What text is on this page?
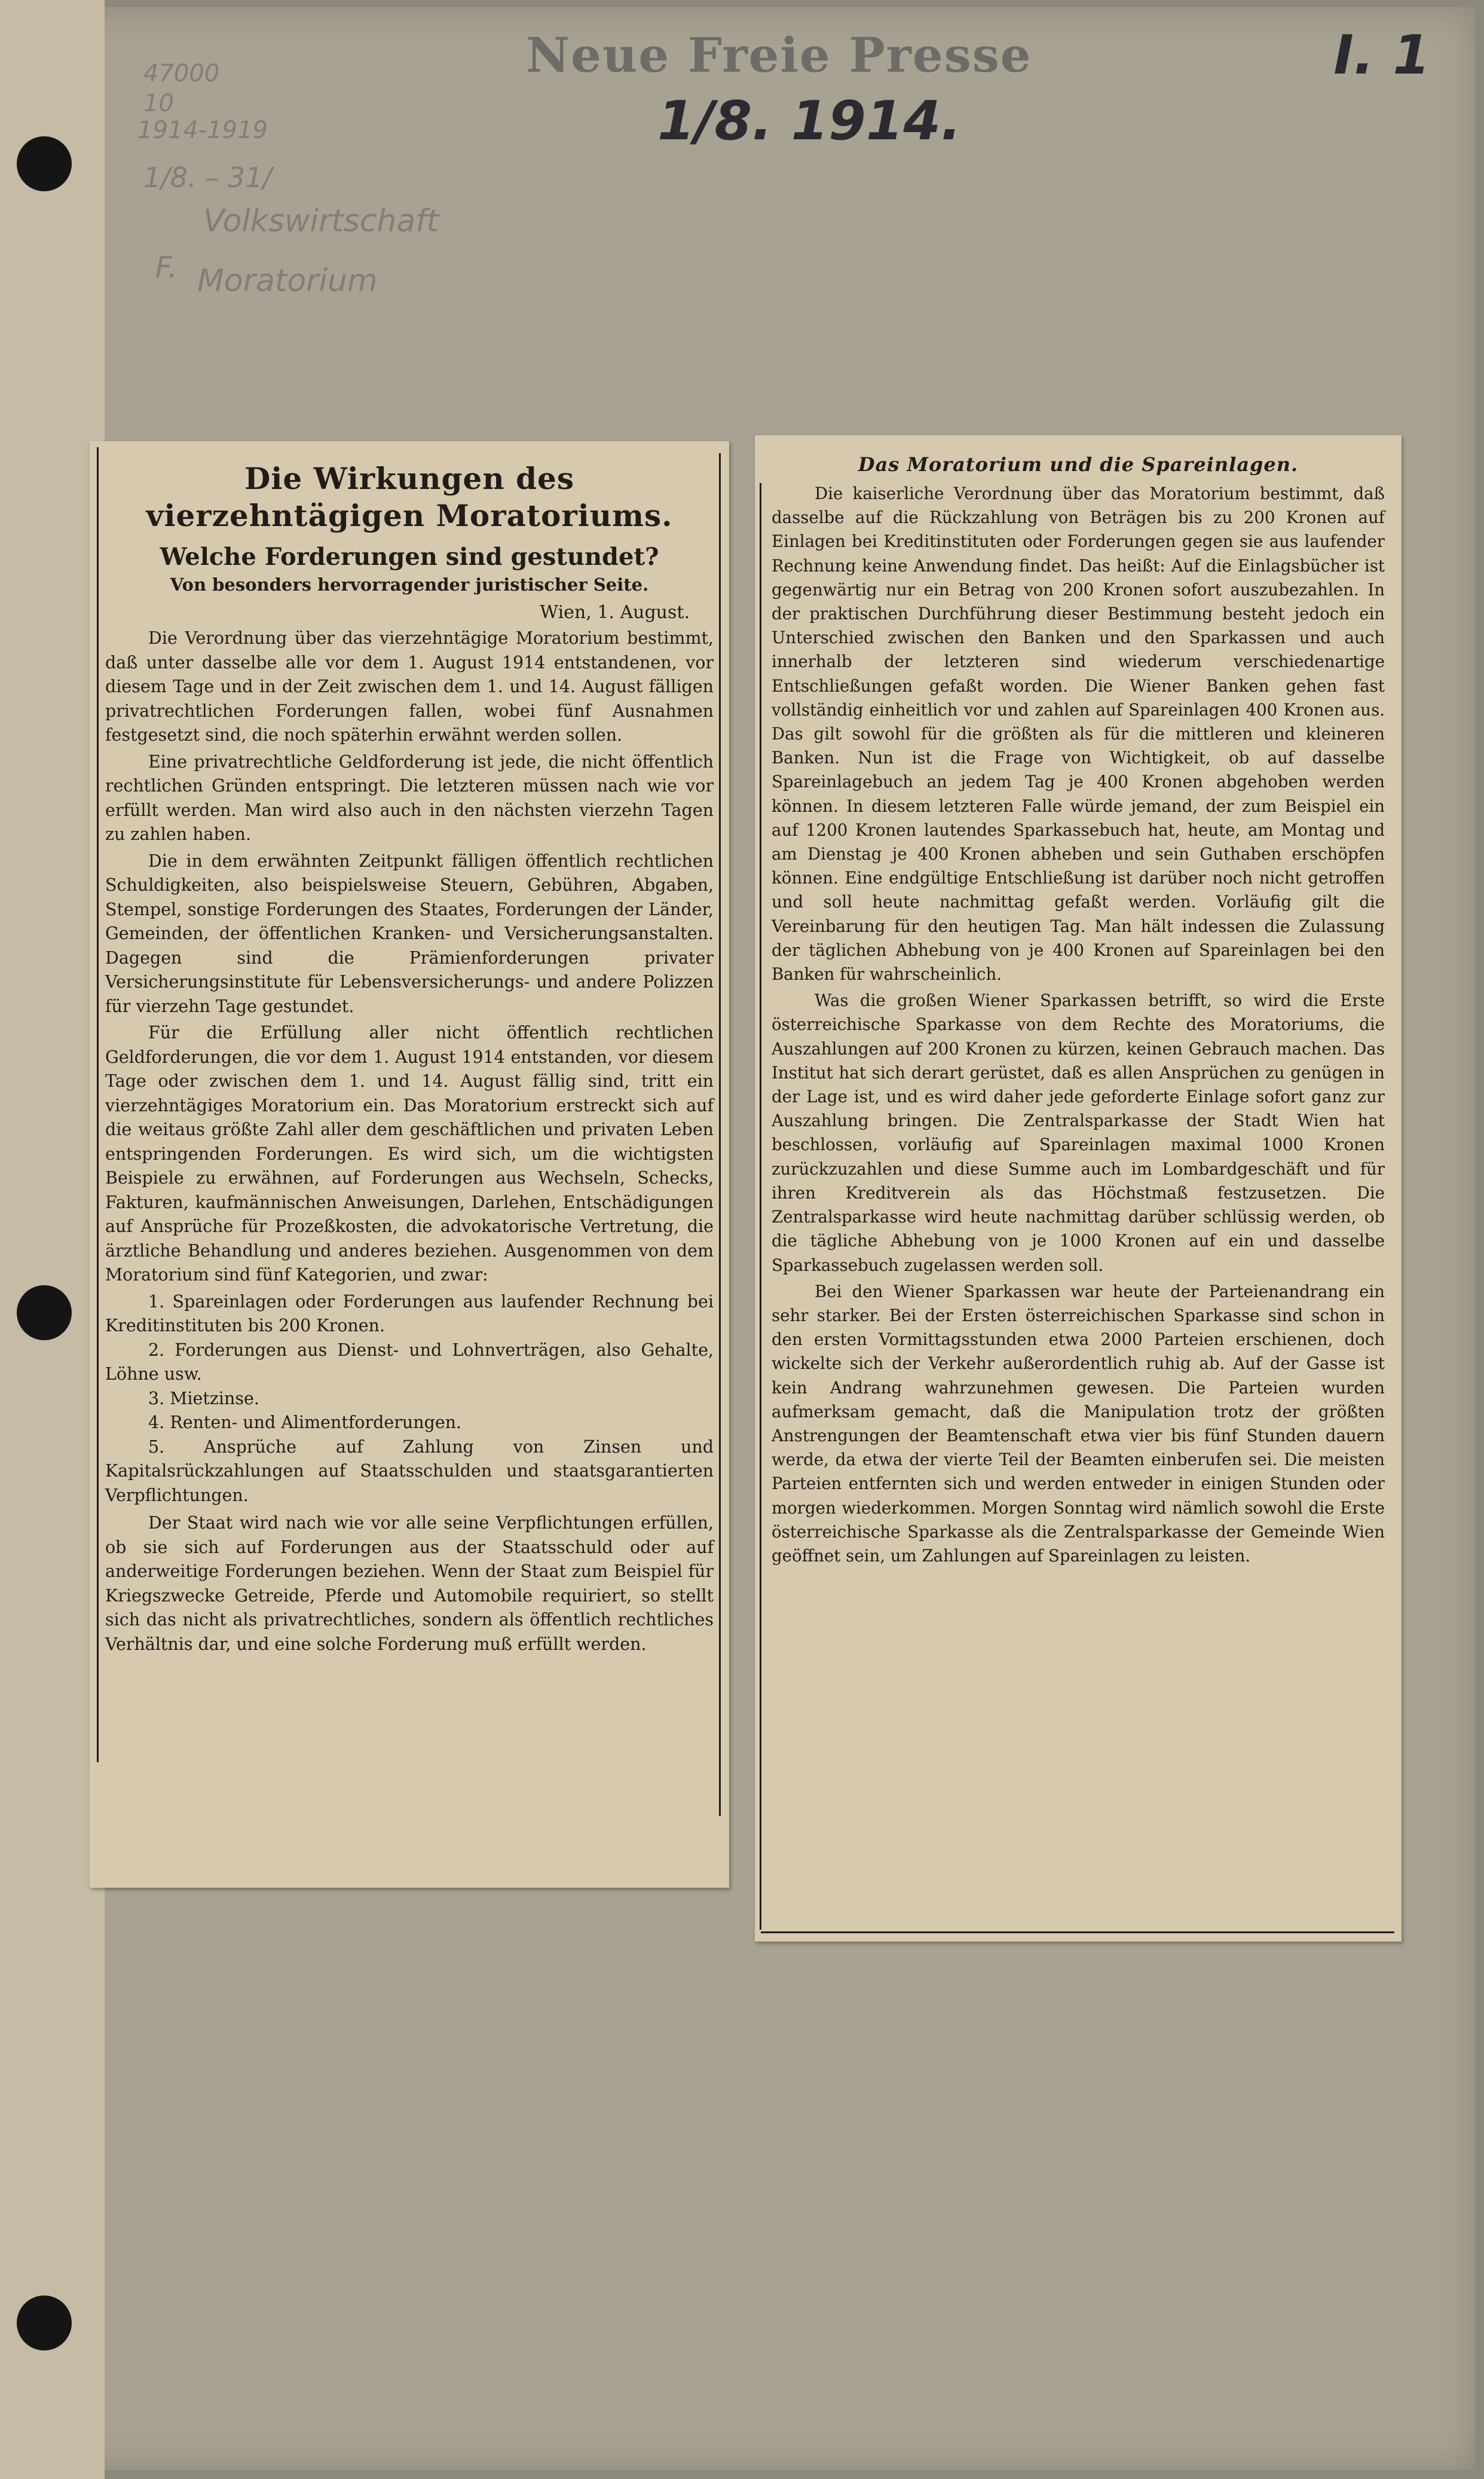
Neue Freie Presse
1/8. 1914.
I. 1
47000
10
1914-1919
1/8. – 31/
Volkswirtschaft
F. Moratorium
Die Wirkungen des vierzehntägigen Moratoriums.
Welche Forderungen sind gestundet?
Von besonders hervorragender juristischer Seite.
Wien, 1. August.

Die Verordnung über das vierzehntägige Moratorium bestimmt, daß unter dasselbe alle vor dem 1. August 1914 entstandenen, vor diesem Tage und in der Zeit zwischen dem 1. und 14. August fälligen privatrechtlichen Forderungen fallen, wobei fünf Ausnahmen festgesetzt sind, die noch späterhin erwähnt werden sollen.

Eine privatrechtliche Geldforderung ist jede, die nicht öffentlich rechtlichen Gründen entspringt. Die letzteren müssen nach wie vor erfüllt werden. Man wird also auch in den nächsten vierzehn Tagen zu zahlen haben.

Die in dem erwähnten Zeitpunkt fälligen öffentlich rechtlichen Schuldigkeiten, also beispielsweise Steuern, Gebühren, Abgaben, Stempel, sonstige Forderungen des Staates, Forderungen der Länder, Gemeinden, der öffentlichen Kranken- und Versicherungsanstalten. Dagegen sind die Prämienforderungen privater Versicherungsinstitute für Lebensversicherungs- und andere Polizzen für vierzehn Tage gestundet.

Für die Erfüllung aller nicht öffentlich rechtlichen Geldforderungen, die vor dem 1. August 1914 entstanden, vor diesem Tage oder zwischen dem 1. und 14. August fällig sind, tritt ein vierzehntägiges Moratorium ein. Das Moratorium erstreckt sich auf die weitaus größte Zahl aller dem geschäftlichen und privaten Leben entspringenden Forderungen. Es wird sich, um die wichtigsten Beispiele zu erwähnen, auf Forderungen aus Wechseln, Schecks, Fakturen, kaufmännischen Anweisungen, Darlehen, Entschädigungen auf Ansprüche für Prozeßkosten, die advokatorische Vertretung, die ärztliche Behandlung und anderes beziehen. Ausgenommen von dem Moratorium sind fünf Kategorien, und zwar:

1. Spareinlagen oder Forderungen aus laufender Rechnung bei Kreditinstituten bis 200 Kronen.
2. Forderungen aus Dienst- und Lohnverträgen, also Gehalte, Löhne usw.
3. Mietzinse.
4. Renten- und Alimentforderungen.
5. Ansprüche auf Zahlung von Zinsen und Kapitalsrückzahlungen auf Staatsschulden und staatsgarantierten Verpflichtungen.

Der Staat wird nach wie vor alle seine Verpflichtungen erfüllen, ob sie sich auf Forderungen aus der Staatsschuld oder auf anderweitige Forderungen beziehen. Wenn der Staat zum Beispiel für Kriegszwecke Getreide, Pferde und Automobile requiriert, so stellt sich das nicht als privatrechtliches, sondern als öffentlich rechtliches Verhältnis dar, und eine solche Forderung muß erfüllt werden.

Das Moratorium und die Spareinlagen.

Die kaiserliche Verordnung über das Moratorium bestimmt, daß dasselbe auf die Rückzahlung von Beträgen bis zu 200 Kronen auf Einlagen bei Kreditinstituten oder Forderungen gegen sie aus laufender Rechnung keine Anwendung findet. Das heißt: Auf die Einlagsbücher ist gegenwärtig nur ein Betrag von 200 Kronen sofort auszubezahlen. In der praktischen Durchführung dieser Bestimmung besteht jedoch ein Unterschied zwischen den Banken und den Sparkassen und auch innerhalb der letzteren sind wiederum verschiedenartige Entschließungen gefaßt worden. Die Wiener Banken gehen fast vollständig einheitlich vor und zahlen auf Spareinlagen 400 Kronen aus. Das gilt sowohl für die größten als für die mittleren und kleineren Banken. Nun ist die Frage von Wichtigkeit, ob auf dasselbe Spareinlagebuch an jedem Tag je 400 Kronen abgehoben werden können. In diesem letzteren Falle würde jemand, der zum Beispiel ein auf 1200 Kronen lautendes Sparkassebuch hat, heute, am Montag und am Dienstag je 400 Kronen abheben und sein Guthaben erschöpfen können. Eine endgültige Entschließung ist darüber noch nicht getroffen und soll heute nachmittag gefaßt werden. Vorläufig gilt die Vereinbarung für den heutigen Tag. Man hält indessen die Zulassung der täglichen Abhebung von je 400 Kronen auf Spareinlagen bei den Banken für wahrscheinlich.

Was die großen Wiener Sparkassen betrifft, so wird die Erste österreichische Sparkasse von dem Rechte des Moratoriums, die Auszahlungen auf 200 Kronen zu kürzen, keinen Gebrauch machen. Das Institut hat sich derart gerüstet, daß es allen Ansprüchen zu genügen in der Lage ist, und es wird daher jede geforderte Einlage sofort ganz zur Auszahlung bringen. Die Zentralsparkasse der Stadt Wien hat beschlossen, vorläufig auf Spareinlagen maximal 1000 Kronen zurückzuzahlen und diese Summe auch im Lombardgeschäft und für ihren Kreditverein als das Höchstmaß festzusetzen. Die Zentralsparkasse wird heute nachmittag darüber schlüssig werden, ob die tägliche Abhebung von je 1000 Kronen auf ein und dasselbe Sparkassebuch zugelassen werden soll.

Bei den Wiener Sparkassen war heute der Parteienandrang ein sehr starker. Bei der Ersten österreichischen Sparkasse sind schon in den ersten Vormittagsstunden etwa 2000 Parteien erschienen, doch wickelte sich der Verkehr außerordentlich ruhig ab. Auf der Gasse ist kein Andrang wahrzunehmen gewesen. Die Parteien wurden aufmerksam gemacht, daß die Manipulation trotz der größten Anstrengungen der Beamtenschaft etwa vier bis fünf Stunden dauern werde, da etwa der vierte Teil der Beamten einberufen sei. Die meisten Parteien entfernten sich und werden entweder in einigen Stunden oder morgen wiederkommen. Morgen Sonntag wird nämlich sowohl die Erste österreichische Sparkasse als die Zentralsparkasse der Gemeinde Wien geöffnet sein, um Zahlungen auf Spareinlagen zu leisten.
